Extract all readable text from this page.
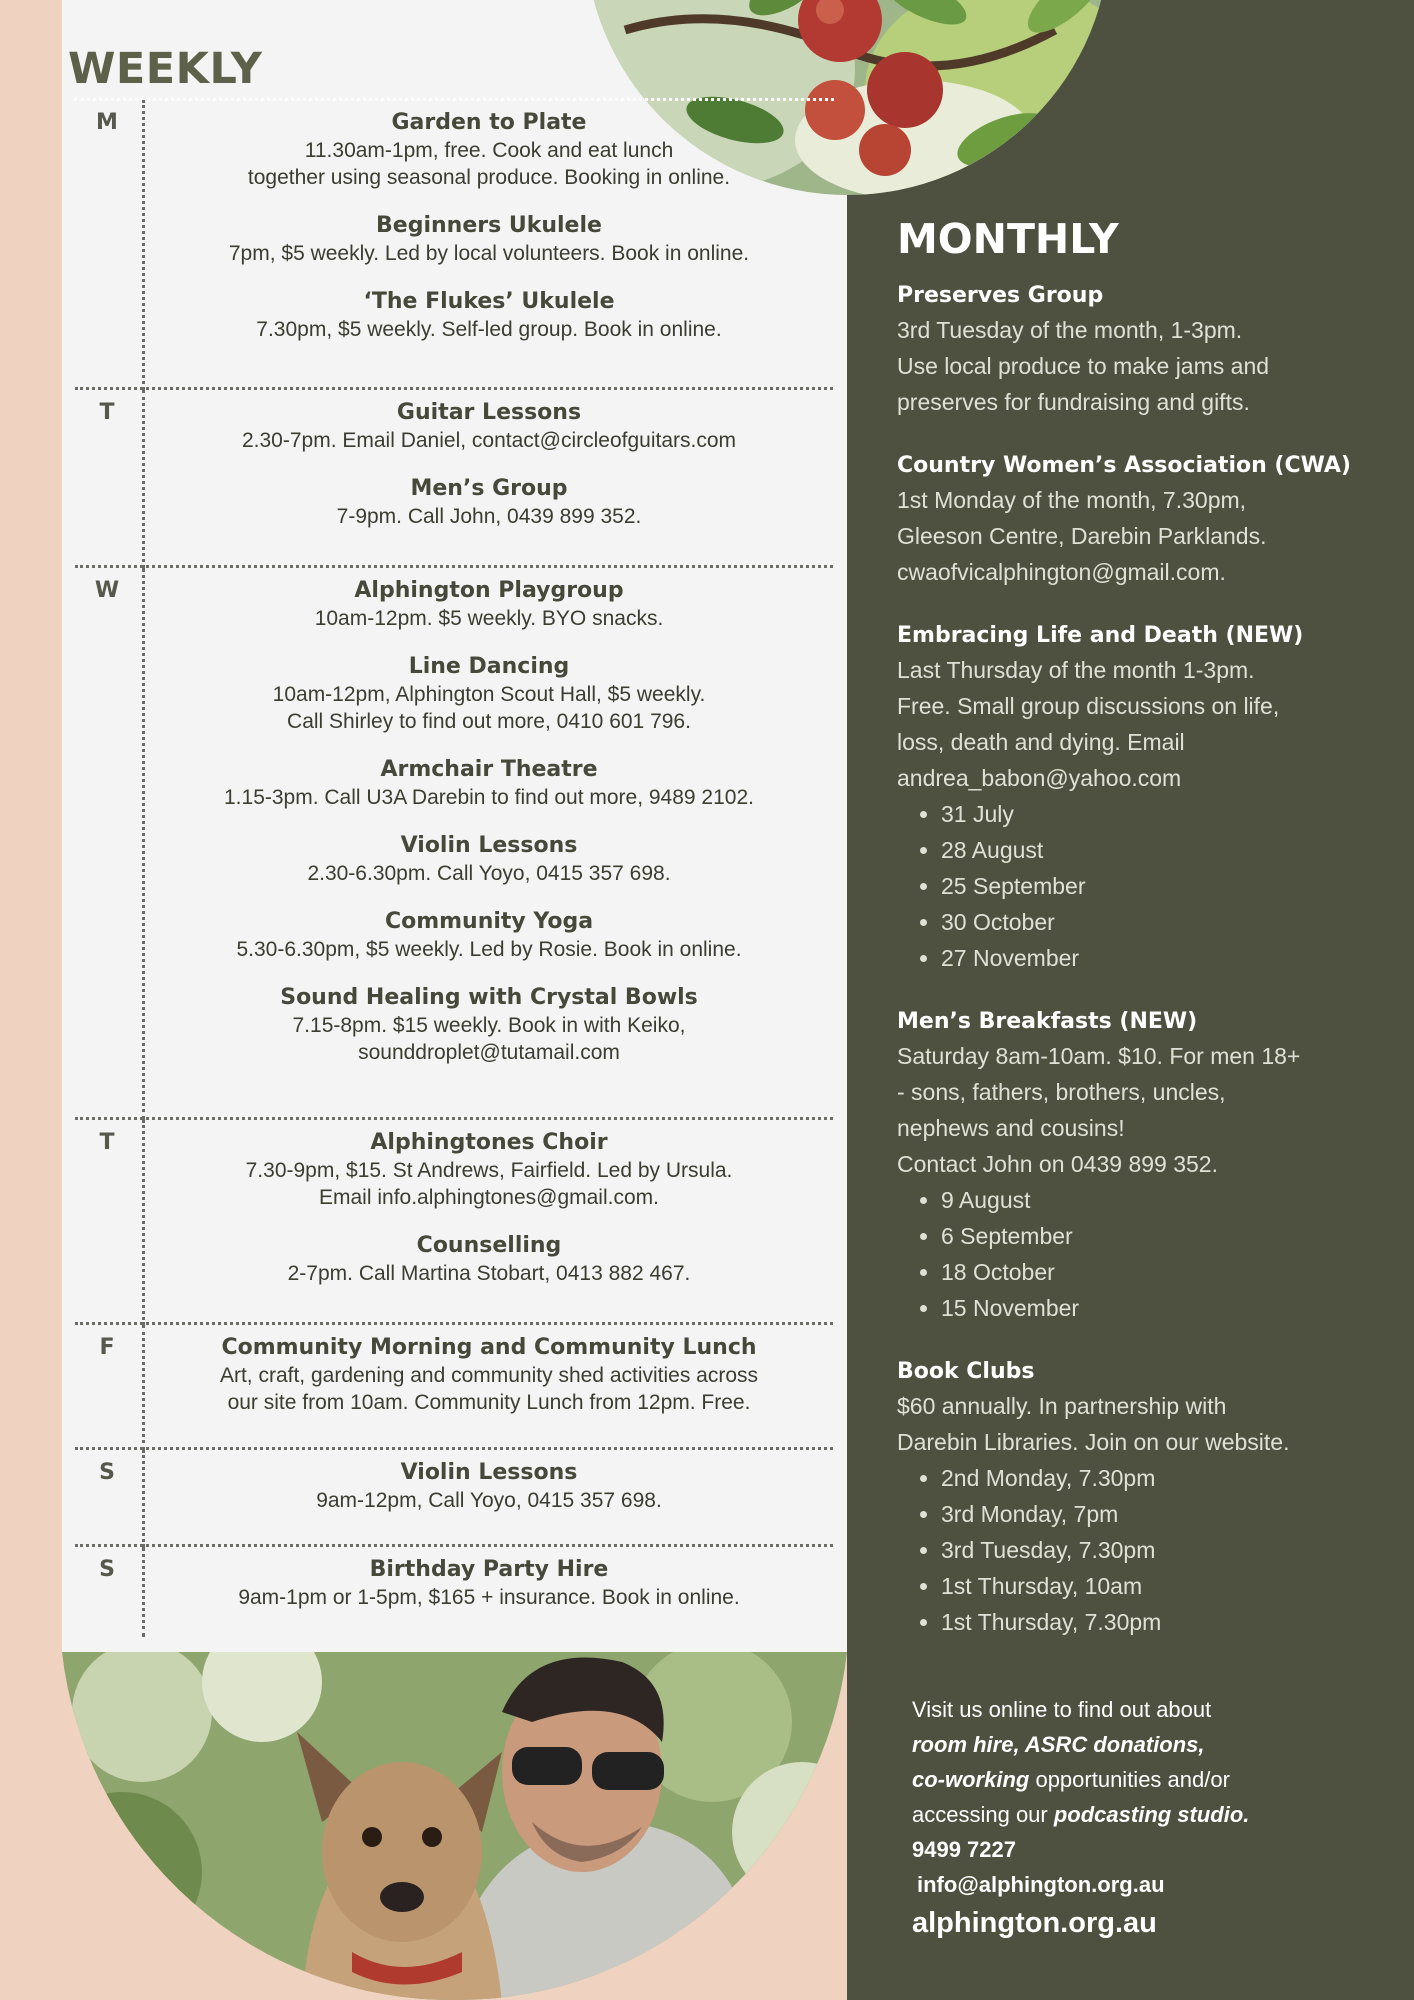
WEEKLY
M	Garden to Plate
11.30am-1pm, free. Cook and eat lunch
together using seasonal produce. Booking in online.
Beginners Ukulele
7pm, $5 weekly. Led by local volunteers. Book in online.
‘The Flukes’ Ukulele
7.30pm, $5 weekly. Self-led group. Book in online.
T	Guitar Lessons
2.30-7pm. Email Daniel, contact@circleofguitars.com
Men’s Group
7-9pm. Call John, 0439 899 352.
W	Alphington Playgroup
10am-12pm. $5 weekly. BYO snacks.
Line Dancing
10am-12pm, Alphington Scout Hall, $5 weekly.
Call Shirley to find out more, 0410 601 796.
Armchair Theatre
1.15-3pm. Call U3A Darebin to find out more, 9489 2102.
Violin Lessons
2.30-6.30pm. Call Yoyo, 0415 357 698.
Community Yoga
5.30-6.30pm, $5 weekly. Led by Rosie. Book in online.
Sound Healing with Crystal Bowls
7.15-8pm. $15 weekly. Book in with Keiko,
sounddroplet@tutamail.com
T	Alphingtones Choir
7.30-9pm, $15. St Andrews, Fairfield. Led by Ursula.
Email info.alphingtones@gmail.com.
Counselling
2-7pm. Call Martina Stobart, 0413 882 467.
F	Community Morning and Community Lunch
Art, craft, gardening and community shed activities across
our site from 10am. Community Lunch from 12pm. Free.
S	Violin Lessons
9am-12pm, Call Yoyo, 0415 357 698.
S	Birthday Party Hire
9am-1pm or 1-5pm, $165 + insurance. Book in online.
MONTHLY
Preserves Group
3rd Tuesday of the month, 1-3pm.
Use local produce to make jams and
preserves for fundraising and gifts.
Country Women’s Association (CWA)
1st Monday of the month, 7.30pm,
Gleeson Centre, Darebin Parklands.
cwaofvicalphington@gmail.com.
Embracing Life and Death (NEW)
Last Thursday of the month 1-3pm.
Free. Small group discussions on life,
loss, death and dying. Email
andrea_babon@yahoo.com
• 31 July
• 28 August
• 25 September
• 30 October
• 27 November
Men’s Breakfasts (NEW)
Saturday 8am-10am. $10. For men 18+
- sons, fathers, brothers, uncles,
nephews and cousins!
Contact John on 0439 899 352.
• 9 August
• 6 September
• 18 October
• 15 November
Book Clubs
$60 annually. In partnership with
Darebin Libraries. Join on our website.
• 2nd Monday, 7.30pm
• 3rd Monday, 7pm
• 3rd Tuesday, 7.30pm
• 1st Thursday, 10am
• 1st Thursday, 7.30pm
Visit us online to find out about
room hire, ASRC donations,
co-working opportunities and/or
accessing our podcasting studio.
9499 7227
info@alphington.org.au
alphington.org.au
